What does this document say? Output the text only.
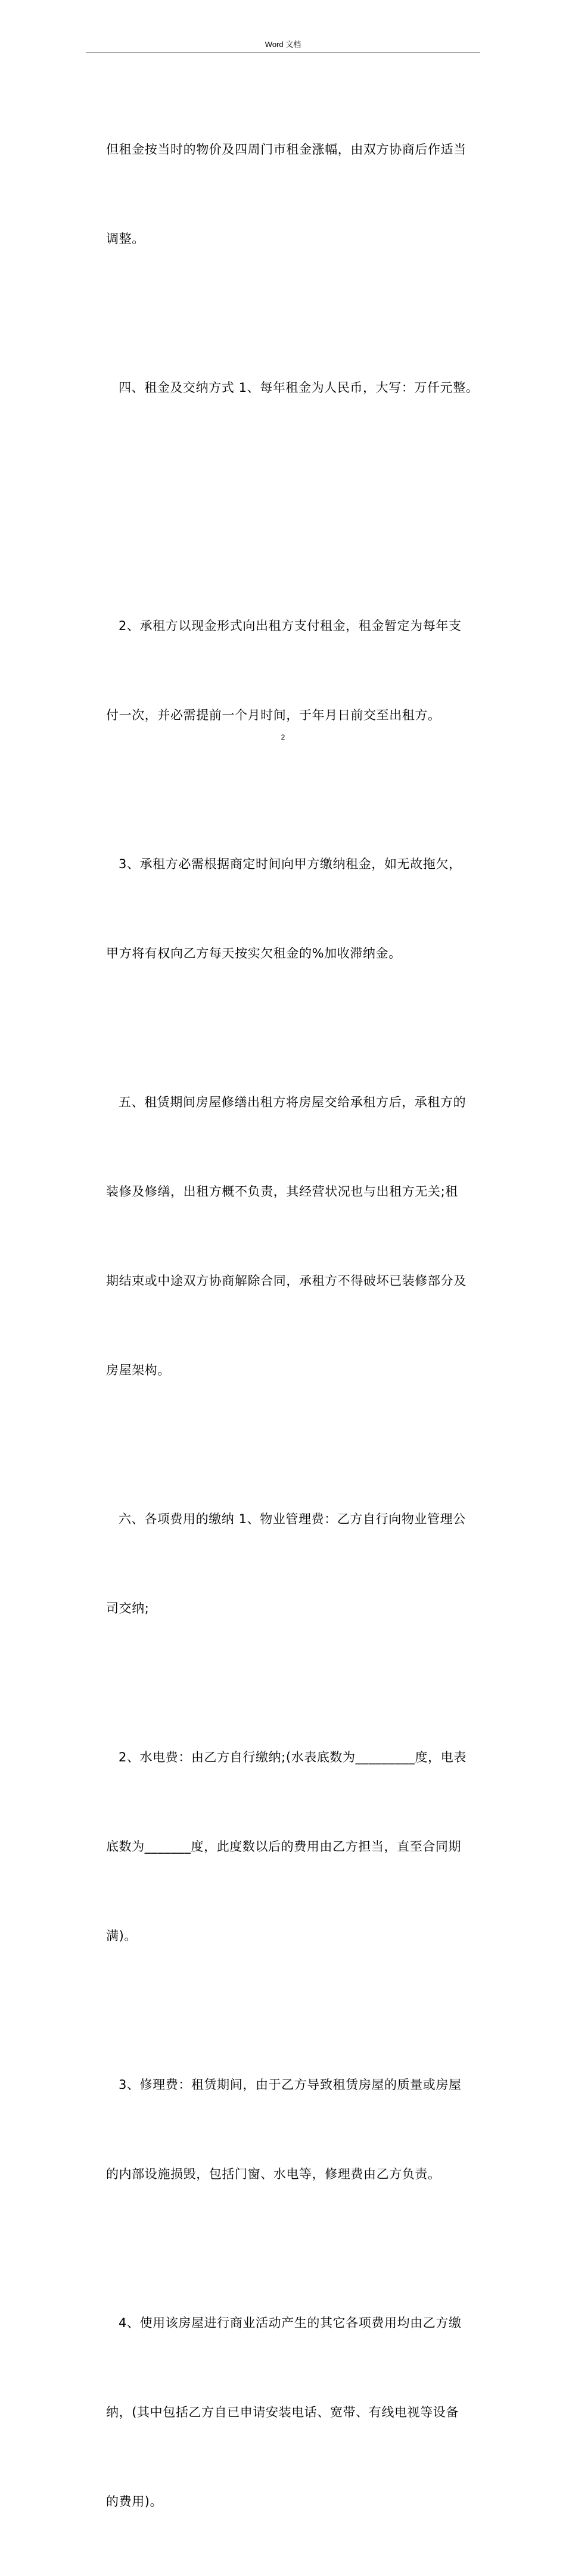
Word 文档

但租金按当时的物价及四周门市租金涨幅，由双方协商后作适当

调整。

四、租金及交纳方式 1、每年租金为人民币，大写：万仟元整。

2、承租方以现金形式向出租方支付租金，租金暂定为每年支

付一次，并必需提前一个月时间，于年月日前交至出租方。

3、承租方必需根据商定时间向甲方缴纳租金，如无故拖欠，

甲方将有权向乙方每天按实欠租金的%加收滞纳金。

五、租赁期间房屋修缮出租方将房屋交给承租方后，承租方的

装修及修缮，出租方概不负责，其经营状况也与出租方无关;租

期结束或中途双方协商解除合同，承租方不得破坏已装修部分及

房屋架构。

六、各项费用的缴纳 1、物业管理费：乙方自行向物业管理公

司交纳;

2、水电费：由乙方自行缴纳;(水表底数为_________度，电表

底数为_______度，此度数以后的费用由乙方担当，直至合同期

满)。

3、修理费：租赁期间，由于乙方导致租赁房屋的质量或房屋

的内部设施损毁，包括门窗、水电等，修理费由乙方负责。

4、使用该房屋进行商业活动产生的其它各项费用均由乙方缴

纳，(其中包括乙方自已申请安装电话、宽带、有线电视等设备

的费用)。

2
